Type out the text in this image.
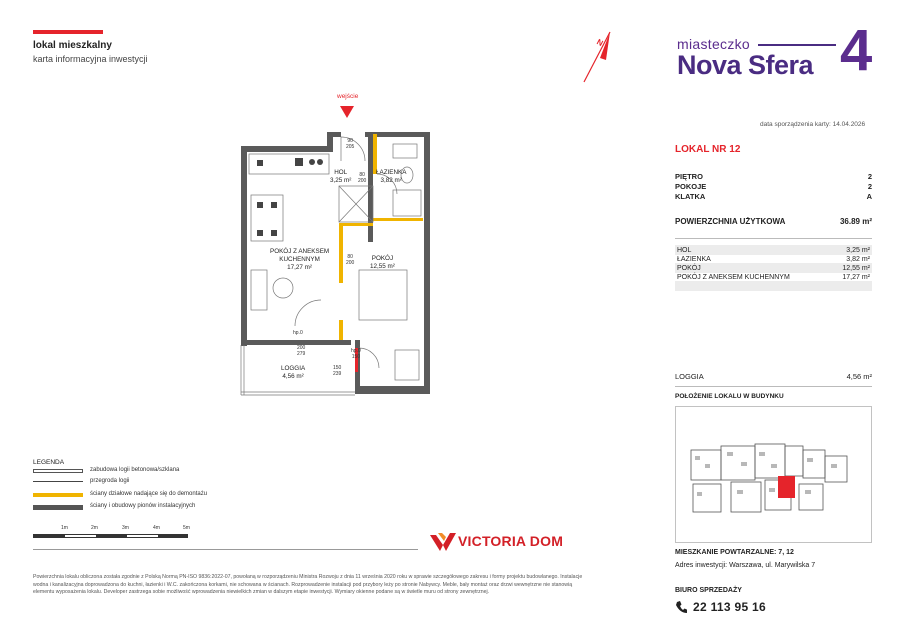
lokal mieszkalny
karta informacyjna inwestycji
N	miasteczko
Nova Sfera 4
data sporządzenia karty: 14.04.2026
LOKAL NR 12
PIĘTRO	2
POKOJE	2
KLATKA	A
POWIERZCHNIA UŻYTKOWA	36.89 m²
HOL	3,25 m²
ŁAZIENKA	3,82 m²
POKÓJ	12,55 m²
POKÓJ Z ANEKSEM KUCHENNYM	17,27 m²
LOGGIA	4,56 m²
POŁOŻENIE LOKALU W BUDYNKU
MIESZKANIE POWTARZALNE: 7, 12
Adres inwestycji: Warszawa, ul. Marywilska 7
BIURO SPRZEDAŻY
22 113 95 16
wejście
HOL
3,25 m²
ŁAZIENKA
3,82 m²
POKÓJ Z ANEKSEM
KUCHENNYM
17,27 m²
POKÓJ
12,55 m²
LOGGIA
4,56 m²
90
205
80
200
80
200
hp.0
200
279
150
239
hp.0
150
LEGENDA
zabudowa logii betonowa/szklana
przegroda logii
ściany działowe nadające się do demontażu
ściany i obudowy pionów instalacyjnych
1m	2m	3m	4m	5m
VICTORIA DOM
Powierzchnia lokalu obliczona została zgodnie z Polską Normą PN-ISO 9836:2022-07, powołaną w rozporządzeniu Ministra Rozwoju z dnia 11 września 2020 roku w sprawie szczegółowego zakresu i formy projektu budowlanego. Instalacje wodna i kanalizacyjna doprowadzona do kuchni, łazienki i W.C. zakończona korkami, nie schowana w ścianach. Rozprowadzenie instalacji pod przybory leży po stronie Nabywcy. Meble, bały montaż oraz drzwi wewnętrzne nie stanowią elementu wyposażenia lokalu. Developer zastrzega sobie możliwość wprowadzenia niewielkich zmian w dalszym etapie inwestycji. Wymiary okienne podane są w świetle muru od strony zewnętrznej.
